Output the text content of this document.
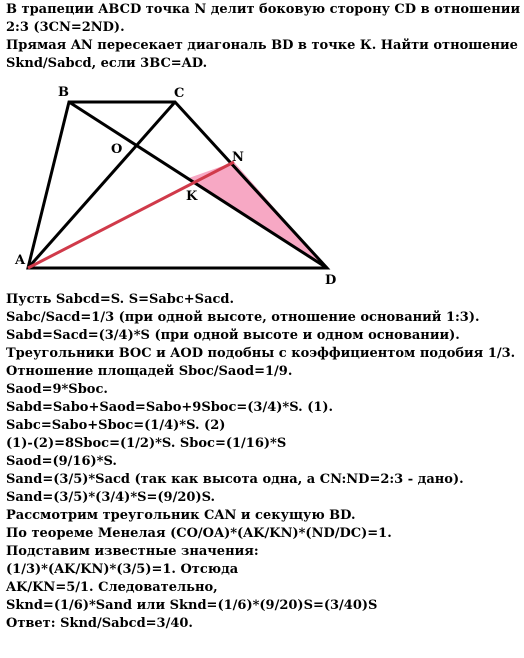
В трапеции ABCD точка N делит боковую сторону CD в отношении
2:3 (3CN=2ND).
Прямая AN пересекает диагональ BD в точке К. Найти отношение
Sknd/Sabcd, если 3BC=AD.
B	C
O
N
K
A
D
Пусть Sabcd=S. S=Sabc+Sacd.
Sabc/Sacd=1/3 (при одной высоте, отношение оснований 1:3).
Sabd=Sacd=(3/4)*S (при одной высоте и одном основании).
Треугольники BOC и AOD подобны с коэффициентом подобия 1/3.
Отношение площадей Sboc/Saod=1/9.
Saod=9*Sboc.
Sabd=Sabo+Saod=Sabo+9Sboc=(3/4)*S. (1).
Sabc=Sabo+Sboc=(1/4)*S. (2)
(1)-(2)=8Sboc=(1/2)*S. Sboc=(1/16)*S
Saod=(9/16)*S.
Sand=(3/5)*Sacd (так как высота одна, а CN:ND=2:3 - дано).
Sand=(3/5)*(3/4)*S=(9/20)S.
Рассмотрим треугольник CAN и секущую BD.
По теореме Менелая (CO/OA)*(AK/KN)*(ND/DC)=1.
Подставим известные значения:
(1/3)*(AK/KN)*(3/5)=1. Отсюда
AK/KN=5/1. Следовательно,
Sknd=(1/6)*Sand или Sknd=(1/6)*(9/20)S=(3/40)S
Ответ: Sknd/Sabcd=3/40.
